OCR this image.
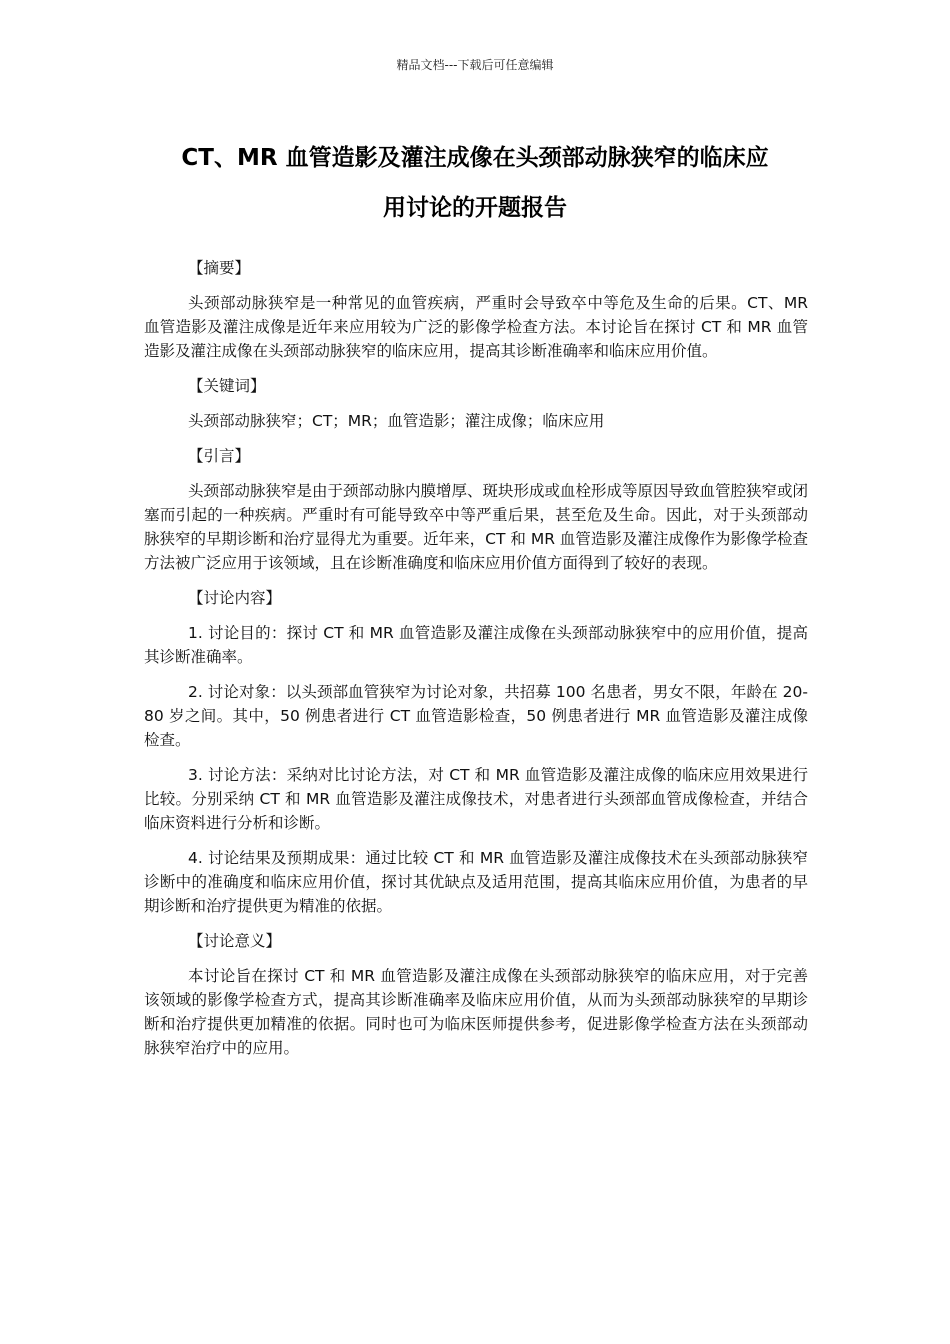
精品文档---下载后可任意编辑
CT、MR 血管造影及灌注成像在头颈部动脉狭窄的临床应
用讨论的开题报告

【摘要】

头颈部动脉狭窄是一种常见的血管疾病，严重时会导致卒中等危及生命的后果。CT、MR 血管造影及灌注成像是近年来应用较为广泛的影像学检查方法。本讨论旨在探讨 CT 和 MR 血管造影及灌注成像在头颈部动脉狭窄的临床应用，提高其诊断准确率和临床应用价值。

【关键词】

头颈部动脉狭窄；CT；MR；血管造影；灌注成像；临床应用

【引言】

头颈部动脉狭窄是由于颈部动脉内膜增厚、斑块形成或血栓形成等原因导致血管腔狭窄或闭塞而引起的一种疾病。严重时有可能导致卒中等严重后果，甚至危及生命。因此，对于头颈部动脉狭窄的早期诊断和治疗显得尤为重要。近年来，CT 和 MR 血管造影及灌注成像作为影像学检查方法被广泛应用于该领域，且在诊断准确度和临床应用价值方面得到了较好的表现。

【讨论内容】

1. 讨论目的：探讨 CT 和 MR 血管造影及灌注成像在头颈部动脉狭窄中的应用价值，提高其诊断准确率。

2. 讨论对象：以头颈部血管狭窄为讨论对象，共招募 100 名患者，男女不限，年龄在 20-80 岁之间。其中，50 例患者进行 CT 血管造影检查，50 例患者进行 MR 血管造影及灌注成像检查。

3. 讨论方法：采纳对比讨论方法，对 CT 和 MR 血管造影及灌注成像的临床应用效果进行比较。分别采纳 CT 和 MR 血管造影及灌注成像技术，对患者进行头颈部血管成像检查，并结合临床资料进行分析和诊断。

4. 讨论结果及预期成果：通过比较 CT 和 MR 血管造影及灌注成像技术在头颈部动脉狭窄诊断中的准确度和临床应用价值，探讨其优缺点及适用范围，提高其临床应用价值，为患者的早期诊断和治疗提供更为精准的依据。

【讨论意义】

本讨论旨在探讨 CT 和 MR 血管造影及灌注成像在头颈部动脉狭窄的临床应用，对于完善该领域的影像学检查方式，提高其诊断准确率及临床应用价值，从而为头颈部动脉狭窄的早期诊断和治疗提供更加精准的依据。同时也可为临床医师提供参考，促进影像学检查方法在头颈部动脉狭窄治疗中的应用。
